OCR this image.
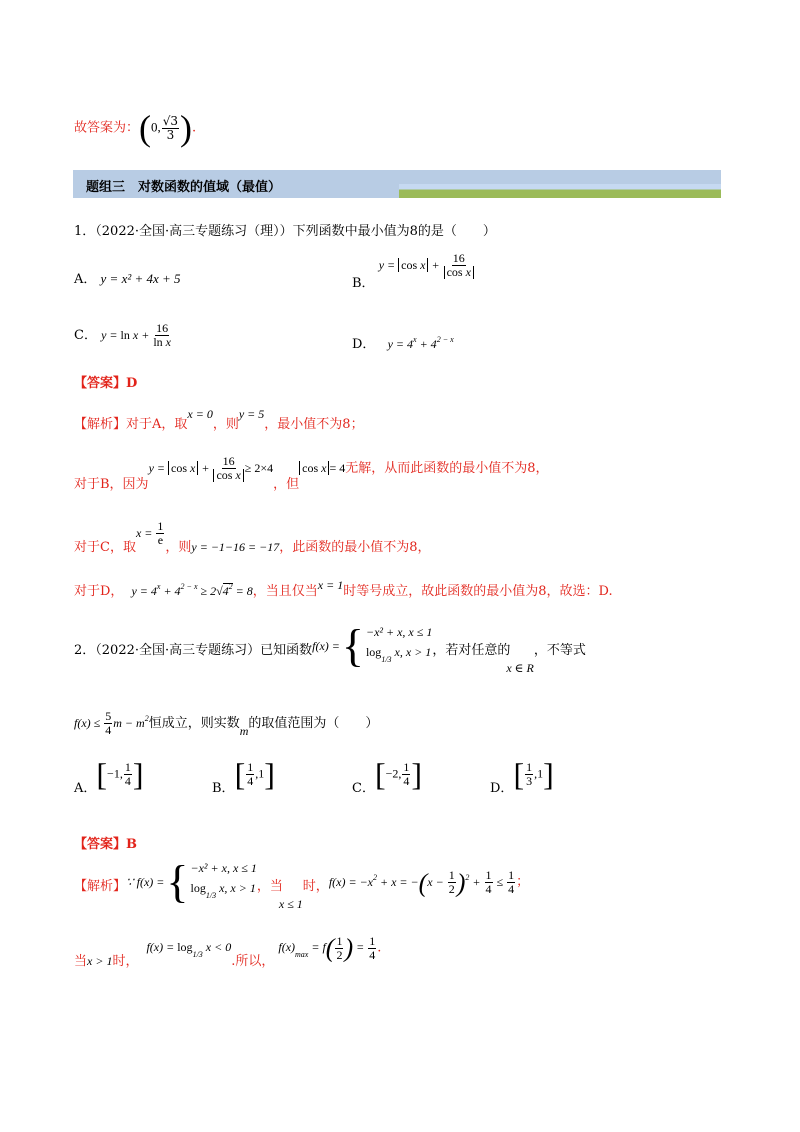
故答案为：(0, $\frac{√3}{3}$ ).
题组三　对数函数的值域（最值）
1．（2022·全国·高三专题练习（理））下列函数中最小值为8的是（　　）
A． y = x² + 4x + 5	B． $y = \cos x + \frac{16}{\text{cos x}}$
C． $y = \ln x + \frac{16}{\text{ln x}}$	D． $y = 4^x + 4^{2 - x}$
【答案】D
【解析】对于A，取x = 0，则y = 5，最小值不为8；
对于B，因为$y = \cos x + \frac{16}{\text{cos x}} \ge 2\times 4$，但cos x = 4无解，从而此函数的最小值不为8，
对于C，取$x = \frac{1}{e}$
，则y = −1−16 = −17，此函数的最小值不为8，
对于D， $y = 4^x + 4^{2 - x} \ge 2√4^2 = 8$，当且仅当x = 1时等号成立，故此函数的最小值为8，故选：D.
2．（2022·全国·高三专题练习）已知函数 f(x) = { −x² + x, x ≤ 1
$\log_{1/3} x$, x > 1 ，若对任意的x ∈ R，不等式
$f(x) \le \frac{5}{4}$ $m - m^2$恒成立，则实数m的取值范围为（　　）
A．[−1, $\frac{1}{4}$ ]	B．[ $\frac{1}{4} ,1$]	C．[−2, $\frac{1}{4}$ ]	D．[ $\frac{1}{3} ,1$]
【答案】B
【解析】 ∵ f(x) = { −x² + x, x ≤ 1
$\log_{1/3} x$, x > 1 ，当x ≤ 1时，$f(x) = -x^2 + x = -(x - \frac{1}{2} )^2 + \frac{1}{4} \le \frac{1}{4}$ ；
当x > 1时，$f(x) = \log_{1/3} x < 0$.所以，$f(x)_{max} = f( \frac{1}{2}$ ) = $\frac{1}{4}$ .
